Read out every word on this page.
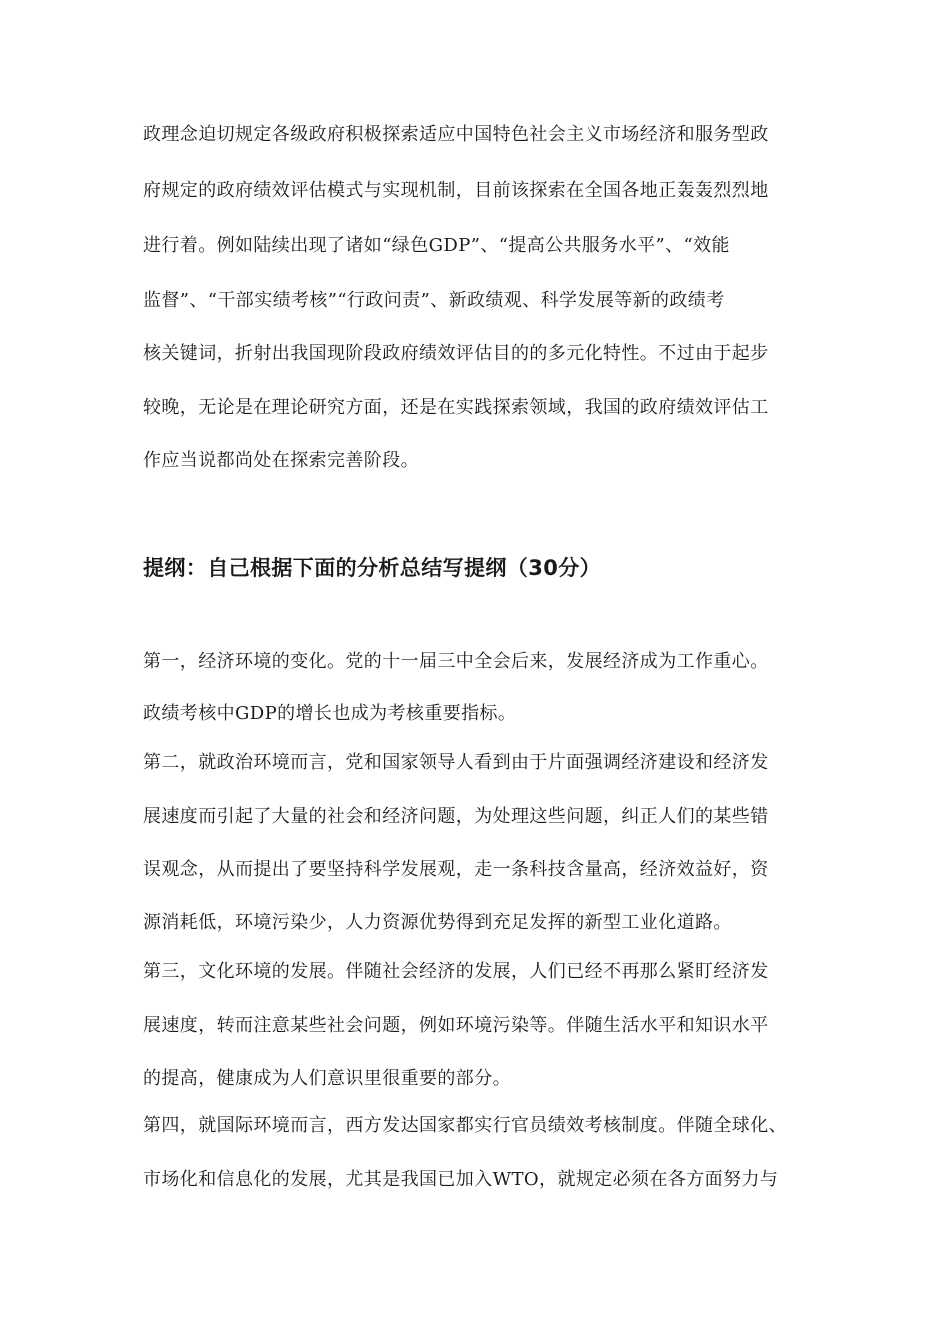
政理念迫切规定各级政府积极探索适应中国特色社会主义市场经济和服务型政
府规定的政府绩效评估模式与实现机制，目前该探索在全国各地正轰轰烈烈地
进行着。例如陆续出现了诸如“绿色GDP”、“提高公共服务水平”、“效能
监督”、“干部实绩考核”“行政问责”、新政绩观、科学发展等新的政绩考
核关键词，折射出我国现阶段政府绩效评估目的的多元化特性。不过由于起步
较晚，无论是在理论研究方面，还是在实践探索领域，我国的政府绩效评估工
作应当说都尚处在探索完善阶段。
提纲：自己根据下面的分析总结写提纲（30分）
第一，经济环境的变化。党的十一届三中全会后来，发展经济成为工作重心。
政绩考核中GDP的增长也成为考核重要指标。
第二，就政治环境而言，党和国家领导人看到由于片面强调经济建设和经济发
展速度而引起了大量的社会和经济问题，为处理这些问题，纠正人们的某些错
误观念，从而提出了要坚持科学发展观，走一条科技含量高，经济效益好，资
源消耗低，环境污染少，人力资源优势得到充足发挥的新型工业化道路。
第三，文化环境的发展。伴随社会经济的发展，人们已经不再那么紧盯经济发
展速度，转而注意某些社会问题，例如环境污染等。伴随生活水平和知识水平
的提高，健康成为人们意识里很重要的部分。
第四，就国际环境而言，西方发达国家都实行官员绩效考核制度。伴随全球化、
市场化和信息化的发展，尤其是我国已加入WTO，就规定必须在各方面努力与
